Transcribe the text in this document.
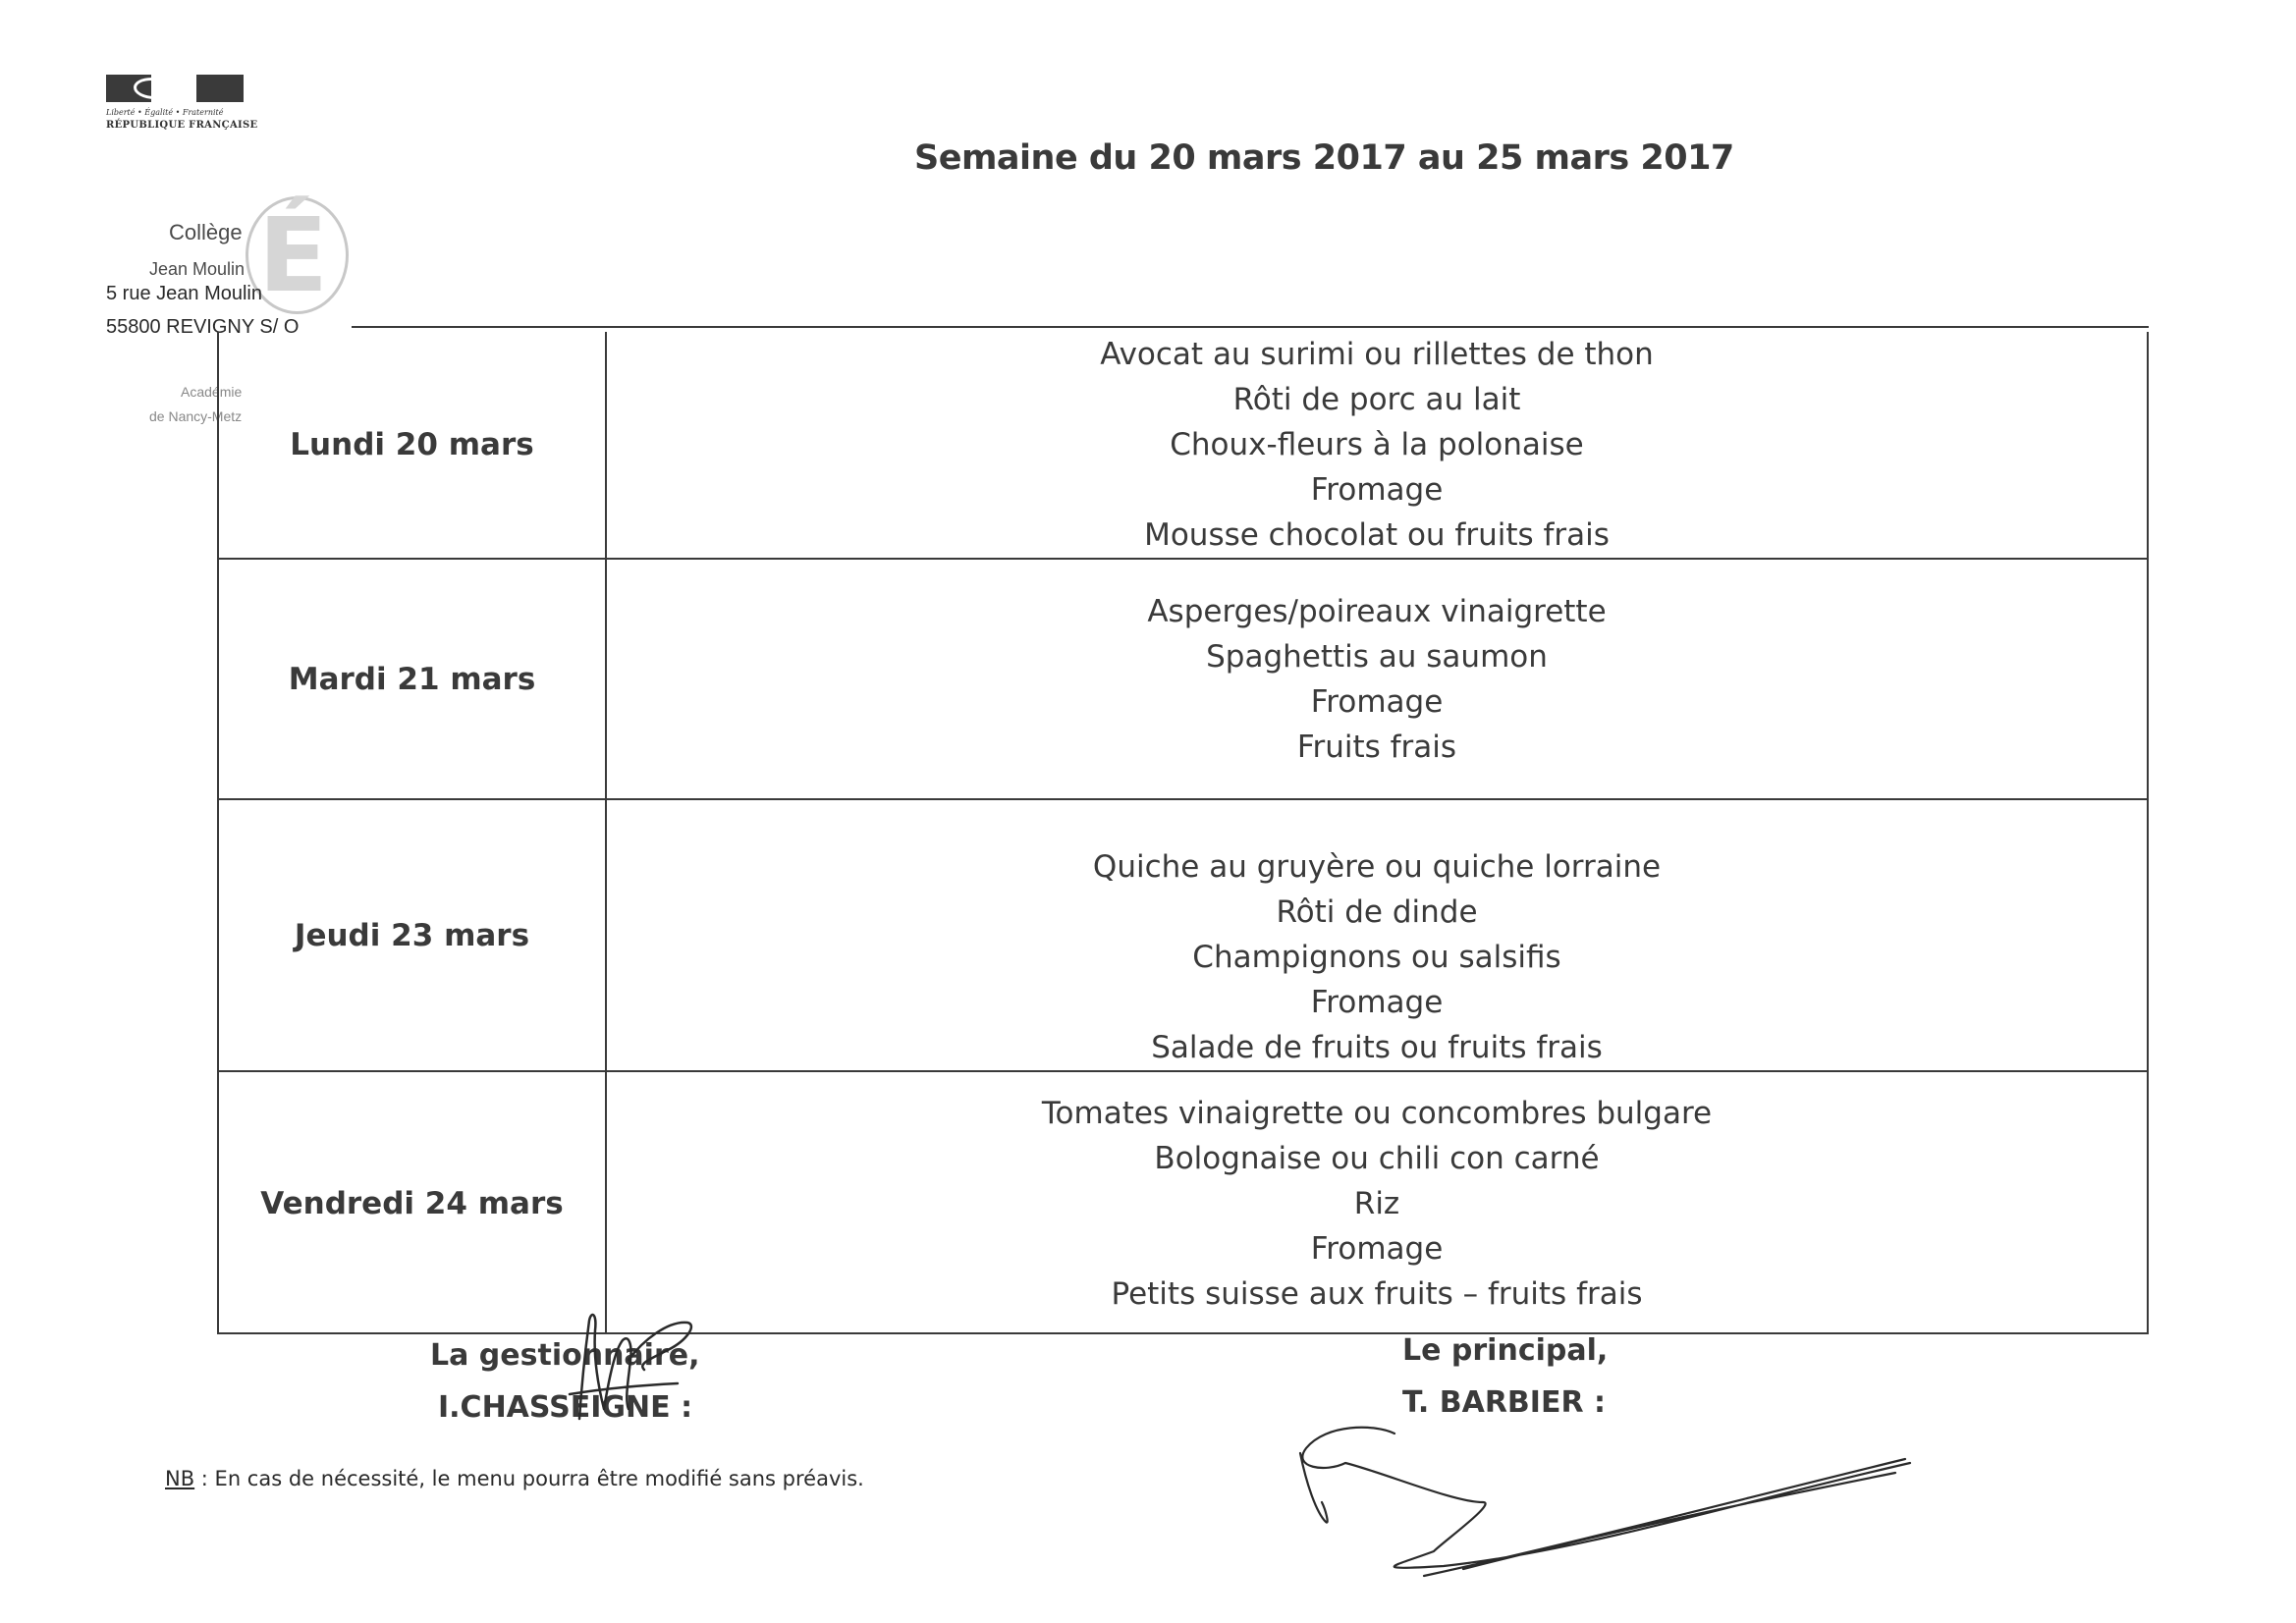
Liberté • Égalité • Fraternité
RÉPUBLIQUE FRANÇAISE
É
Collège
Jean Moulin
5 rue Jean Moulin
55800 REVIGNY S/ O
Académie
de Nancy-Metz
Semaine du 20 mars 2017 au 25 mars 2017
Lundi 20 mars
Avocat au surimi ou rillettes de thon
Rôti de porc au lait
Choux-fleurs à la polonaise
Fromage
Mousse chocolat ou fruits frais
Mardi 21 mars
Asperges/poireaux vinaigrette
Spaghettis au saumon
Fromage
Fruits frais
Jeudi 23 mars
Quiche au gruyère ou quiche lorraine
Rôti de dinde
Champignons ou salsifis
Fromage
Salade de fruits ou fruits frais
Vendredi 24 mars
Tomates vinaigrette ou concombres bulgare
Bolognaise ou chili con carné
Riz
Fromage
Petits suisse aux fruits – fruits frais
La gestionnaire,
I.CHASSEIGNE :
Le principal,
T. BARBIER :
NB : En cas de nécessité, le menu pourra être modifié sans préavis.
